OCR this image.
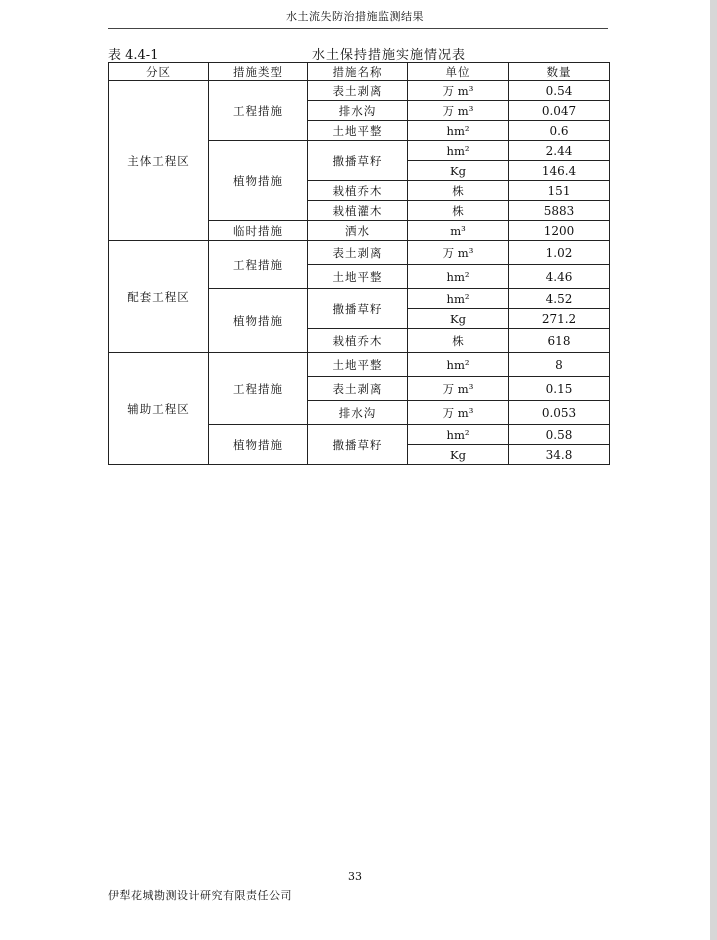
水土流失防治措施监测结果
表 4.4-1	水土保持措施实施情况表
分区	措施类型	措施名称	单位	数量
主体工程区	工程措施	表土剥离	万 m³	0.54
		排水沟	万 m³	0.047
		土地平整	hm²	0.6
	植物措施	撒播草籽	hm²	2.44
			Kg	146.4
		栽植乔木	株	151
		栽植灌木	株	5883
	临时措施	洒水	m³	1200
配套工程区	工程措施	表土剥离	万 m³	1.02
		土地平整	hm²	4.46
	植物措施	撒播草籽	hm²	4.52
			Kg	271.2
		栽植乔木	株	618
辅助工程区	工程措施	土地平整	hm²	8
		表土剥离	万 m³	0.15
		排水沟	万 m³	0.053
	植物措施	撒播草籽	hm²	0.58
			Kg	34.8
33
伊犁花城勘测设计研究有限责任公司
